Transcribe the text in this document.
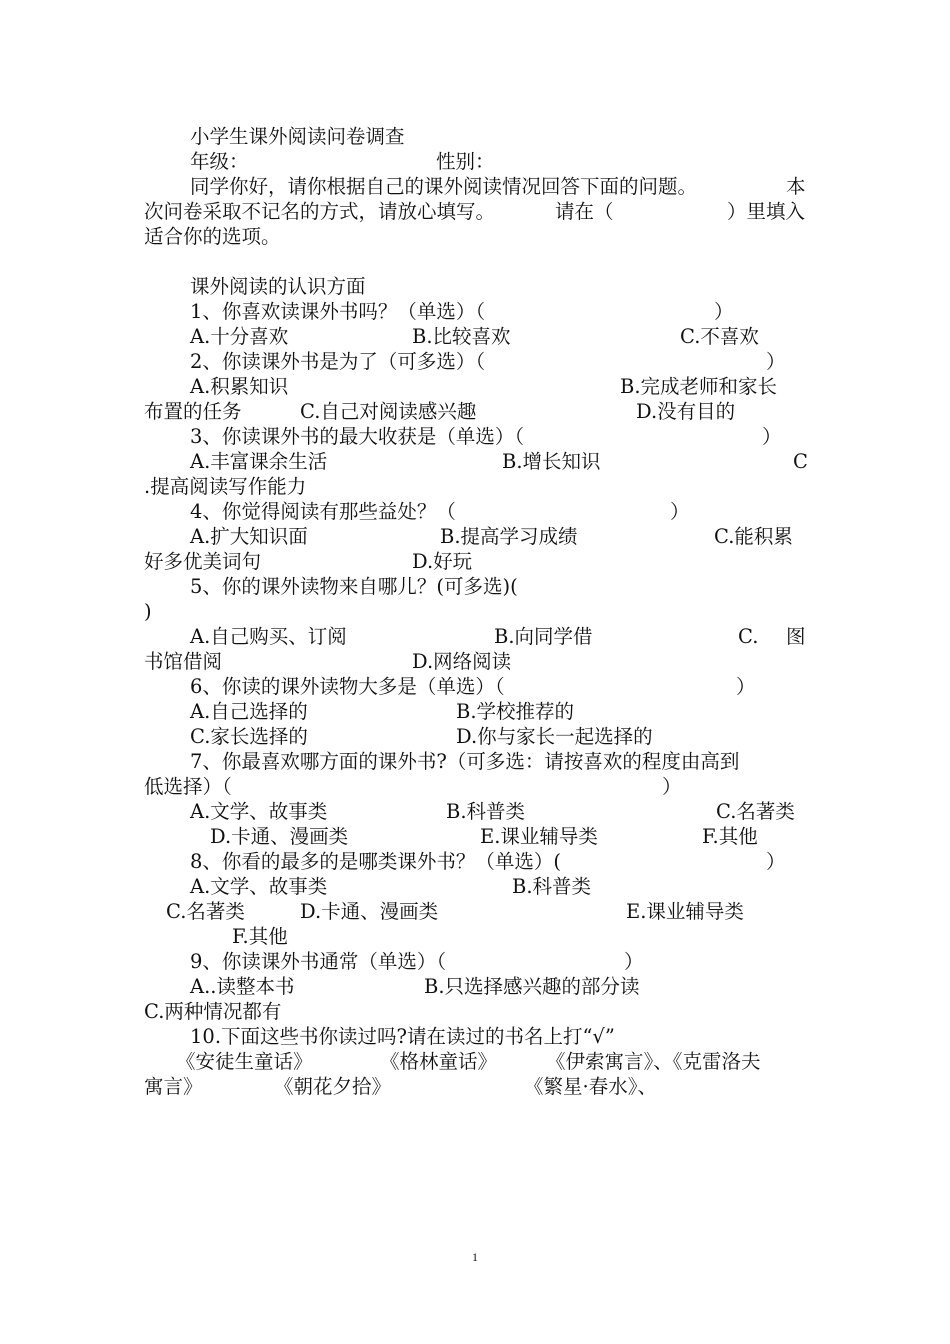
小学生课外阅读问卷调查
年级：	性别：
同学你好，请你根据自己的课外阅读情况回答下面的问题。	本
次问卷采取不记名的方式，请放心填写。	请在（	）里填入
适合你的选项。
课外阅读的认识方面
1、你喜欢读课外书吗？（单选）（	）
A.十分喜欢	B.比较喜欢	C.不喜欢
2、你读课外书是为了（可多选）（	）
A.积累知识	B.完成老师和家长
布置的任务	C.自己对阅读感兴趣	D.没有目的
3、你读课外书的最大收获是（单选）（	）
A.丰富课余生活	B.增长知识	C
.提高阅读写作能力
4、你觉得阅读有那些益处？（	）
A.扩大知识面	B.提高学习成绩	C.能积累
好多优美词句	D.好玩
5、你的课外读物来自哪儿？(可多选)(
)
A.自己购买、订阅	B.向同学借	C. 图
书馆借阅	D.网络阅读
6、你读的课外读物大多是（单选）（	）
A.自己选择的	B.学校推荐的
C.家长选择的	D.你与家长一起选择的
7、你最喜欢哪方面的课外书?（可多选：请按喜欢的程度由高到
低选择）（	）
A.文学、故事类	B.科普类	C.名著类
D.卡通、漫画类	E.课业辅导类	F.其他
8、你看的最多的是哪类课外书？（单选）(	）
A.文学、故事类	B.科普类
C.名著类	D.卡通、漫画类	E.课业辅导类
F.其他
9、你读课外书通常（单选）（	）
A..读整本书	B.只选择感兴趣的部分读
C.两种情况都有
10.下面这些书你读过吗?请在读过的书名上打“√”
《安徒生童话》	《格林童话》	《伊索寓言》、《克雷洛夫
寓言》	《朝花夕拾》	《繁星·春水》、
1
